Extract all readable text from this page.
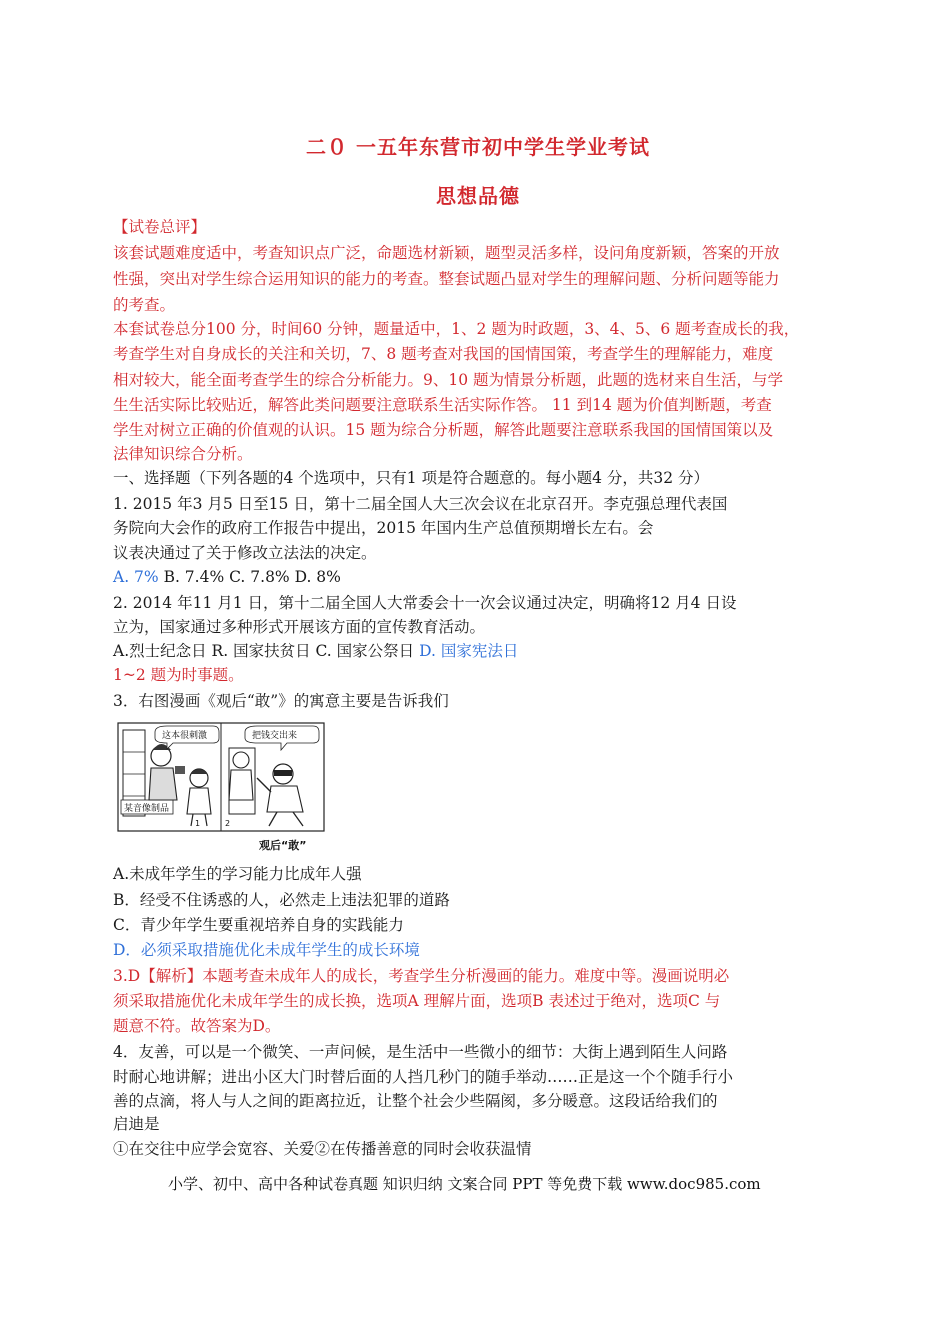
二０ 一五年东营市初中学生学业考试
思想品德
【试卷总评】
该套试题难度适中，考查知识点广泛，命题选材新颖，题型灵活多样，设问角度新颖，答案的开放
性强，突出对学生综合运用知识的能力的考查。整套试题凸显对学生的理解问题、分析问题等能力
的考查。
本套试卷总分100 分，时间60 分钟，题量适中，1、2 题为时政题，3、4、5、6 题考查成长的我，
考查学生对自身成长的关注和关切，7、8 题考查对我国的国情国策，考查学生的理解能力，难度
相对较大，能全面考查学生的综合分析能力。9、10 题为情景分析题，此题的选材来自生活，与学
生生活实际比较贴近，解答此类问题要注意联系生活实际作答。 11 到14 题为价值判断题，考查
学生对树立正确的价值观的认识。15 题为综合分析题，解答此题要注意联系我国的国情国策以及
法律知识综合分析。
一、选择题（下列各题的4 个选项中，只有1 项是符合题意的。每小题4 分，共32 分）
1. 2015 年3 月5 日至15 日，第十二届全国人大三次会议在北京召开。李克强总理代表国
务院向大会作的政府工作报告中提出，2015 年国内生产总值预期增长左右。会
议表决通过了关于修改立法法的决定。
A. 7% B. 7.4% C. 7.8% D. 8%
2. 2014 年11 月1 日，第十二届全国人大常委会十一次会议通过决定，明确将12 月4 日设
立为，国家通过多种形式开展该方面的宣传教育活动。
A.烈士纪念日 R. 国家扶贫日 C. 国家公祭日 D. 国家宪法日
1~2 题为时事题。
3．右图漫画《观后“敢”》的寓意主要是告诉我们
某音像制品
这本很刺激
1
把钱交出来
2
观后“敢”
A.未成年学生的学习能力比成年人强
B．经受不住诱惑的人，必然走上违法犯罪的道路
C．青少年学生要重视培养自身的实践能力
D．必须采取措施优化未成年学生的成长环境
3.D【解析】本题考查未成年人的成长，考查学生分析漫画的能力。难度中等。漫画说明必
须采取措施优化未成年学生的成长换，选项A 理解片面，选项B 表述过于绝对，选项C 与
题意不符。故答案为D。
4．友善，可以是一个微笑、一声问候，是生活中一些微小的细节：大街上遇到陌生人问路
时耐心地讲解；进出小区大门时替后面的人挡几秒门的随手举动……正是这一个个随手行小
善的点滴，将人与人之间的距离拉近，让整个社会少些隔阂，多分暖意。这段话给我们的
启迪是
①在交往中应学会宽容、关爱②在传播善意的同时会收获温情
小学、初中、高中各种试卷真题 知识归纳 文案合同 PPT 等免费下载 www.doc985.com
